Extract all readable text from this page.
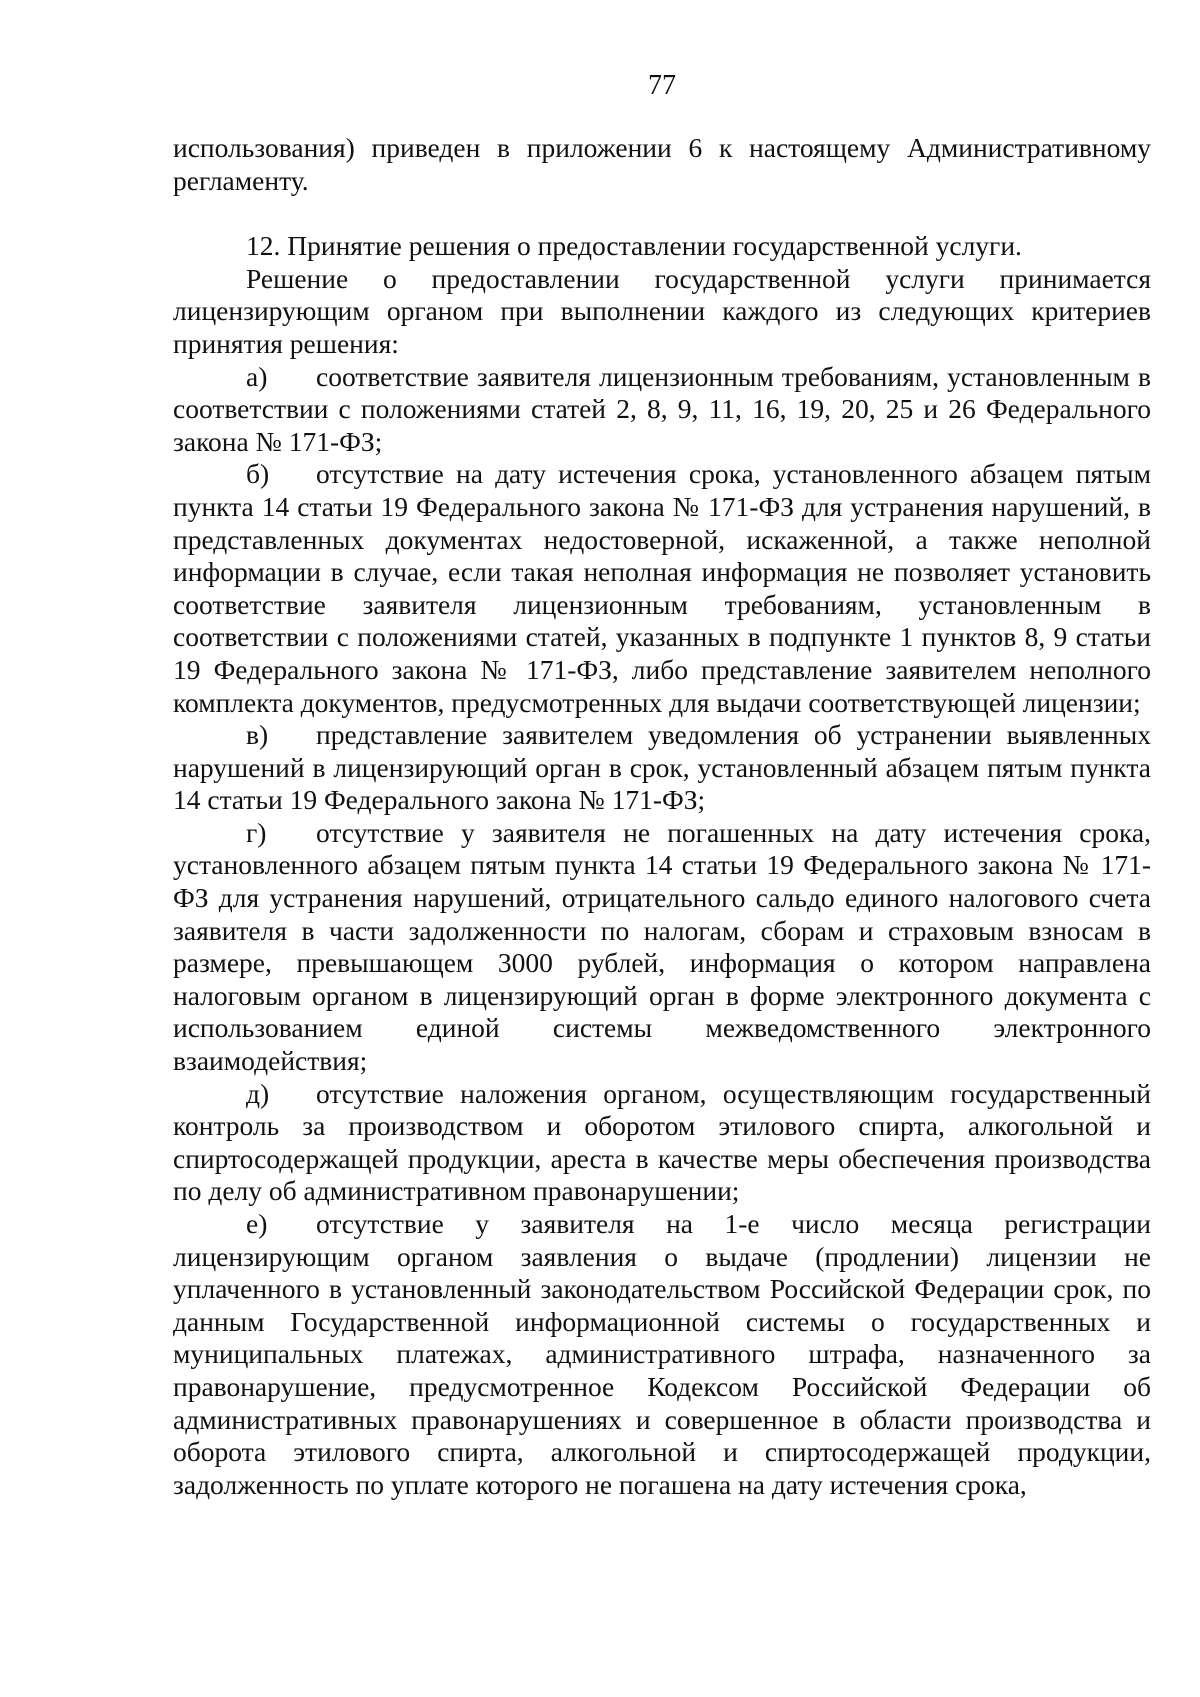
77

использования) приведен в приложении 6 к настоящему Административному регламенту.

12. Принятие решения о предоставлении государственной услуги.

Решение о предоставлении государственной услуги принимается лицензирующим органом при выполнении каждого из следующих критериев принятия решения:

а) соответствие заявителя лицензионным требованиям, установленным в соответствии с положениями статей 2, 8, 9, 11, 16, 19, 20, 25 и 26 Федерального закона № 171-ФЗ;

б) отсутствие на дату истечения срока, установленного абзацем пятым пункта 14 статьи 19 Федерального закона № 171-ФЗ для устранения нарушений, в представленных документах недостоверной, искаженной, а также неполной информации в случае, если такая неполная информация не позволяет установить соответствие заявителя лицензионным требованиям, установленным в соответствии с положениями статей, указанных в подпункте 1 пунктов 8, 9 статьи 19 Федерального закона № 171-ФЗ, либо представление заявителем неполного комплекта документов, предусмотренных для выдачи соответствующей лицензии;

в) представление заявителем уведомления об устранении выявленных нарушений в лицензирующий орган в срок, установленный абзацем пятым пункта 14 статьи 19 Федерального закона № 171-ФЗ;

г) отсутствие у заявителя не погашенных на дату истечения срока, установленного абзацем пятым пункта 14 статьи 19 Федерального закона № 171-ФЗ для устранения нарушений, отрицательного сальдо единого налогового счета заявителя в части задолженности по налогам, сборам и страховым взносам в размере, превышающем 3000 рублей, информация о котором направлена налоговым органом в лицензирующий орган в форме электронного документа с использованием единой системы межведомственного электронного взаимодействия;

д) отсутствие наложения органом, осуществляющим государственный контроль за производством и оборотом этилового спирта, алкогольной и спиртосодержащей продукции, ареста в качестве меры обеспечения производства по делу об административном правонарушении;

е) отсутствие у заявителя на 1-е число месяца регистрации лицензирующим органом заявления о выдаче (продлении) лицензии не уплаченного в установленный законодательством Российской Федерации срок, по данным Государственной информационной системы о государственных и муниципальных платежах, административного штрафа, назначенного за правонарушение, предусмотренное Кодексом Российской Федерации об административных правонарушениях и совершенное в области производства и оборота этилового спирта, алкогольной и спиртосодержащей продукции, задолженность по уплате которого не погашена на дату истечения срока,
